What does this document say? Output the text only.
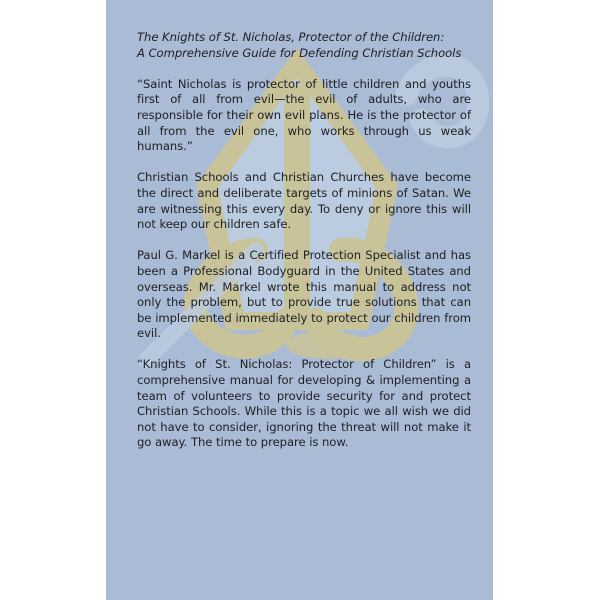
The Knights of St. Nicholas, Protector of the Children:

A Comprehensive Guide for Defending Christian Schools

“Saint Nicholas is protector of little children and youths first of all from evil—the evil of adults, who are responsible for their own evil plans. He is the protector of all from the evil one, who works through us weak humans.”

Christian Schools and Christian Churches have become the direct and deliberate targets of minions of Satan. We are witnessing this every day. To deny or ignore this will not keep our children safe.

Paul G. Markel is a Certified Protection Specialist and has been a Professional Bodyguard in the United States and overseas. Mr. Markel wrote this manual to address not only the problem, but to provide true solutions that can be implemented immediately to protect our children from evil.

“Knights of St. Nicholas: Protector of Children” is a comprehensive manual for developing & implementing a team of volunteers to provide security for and protect Christian Schools. While this is a topic we all wish we did not have to consider, ignoring the threat will not make it go away. The time to prepare is now.
